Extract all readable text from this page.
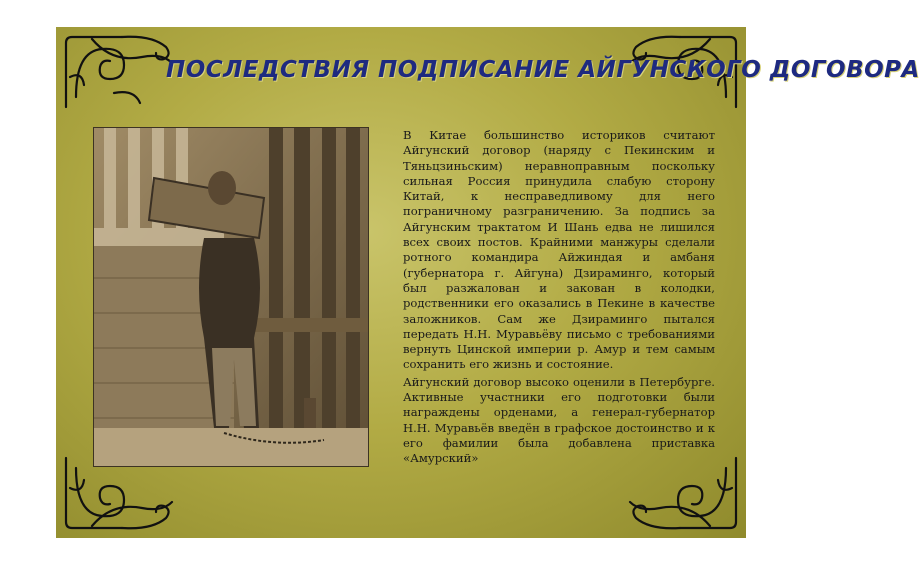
ПОСЛЕДСТВИЯ ПОДПИСАНИЕ АЙГУНСКОГО ДОГОВОРА

В Китае большинство историков считают Айгунский договор (наряду с Пекинским и Тяньцзиньским) неравноправным поскольку сильная Россия принудила слабую сторону Китай, к несправедливому для него пограничному разграничению. За подпись за Айгунским трактатом И Шань едва не лишился всех своих постов. Крайними манжуры сделали ротного командира Айжиндая и амбаня (губернатора г. Айгуна) Дзираминго, который был разжалован и закован в колодки, родственники его оказались в Пекине в качестве заложников. Сам же Дзираминго пытался передать Н.Н. Муравьёву письмо с требованиями вернуть Цинской империи р. Амур и тем самым сохранить его жизнь и состояние.

Айгунский договор высоко оценили в Петербурге. Активные участники его подготовки были награждены орденами, а генерал-губернатор Н.Н. Муравьёв введён в графское достоинство и к его фамилии была добавлена приставка «Амурский»
